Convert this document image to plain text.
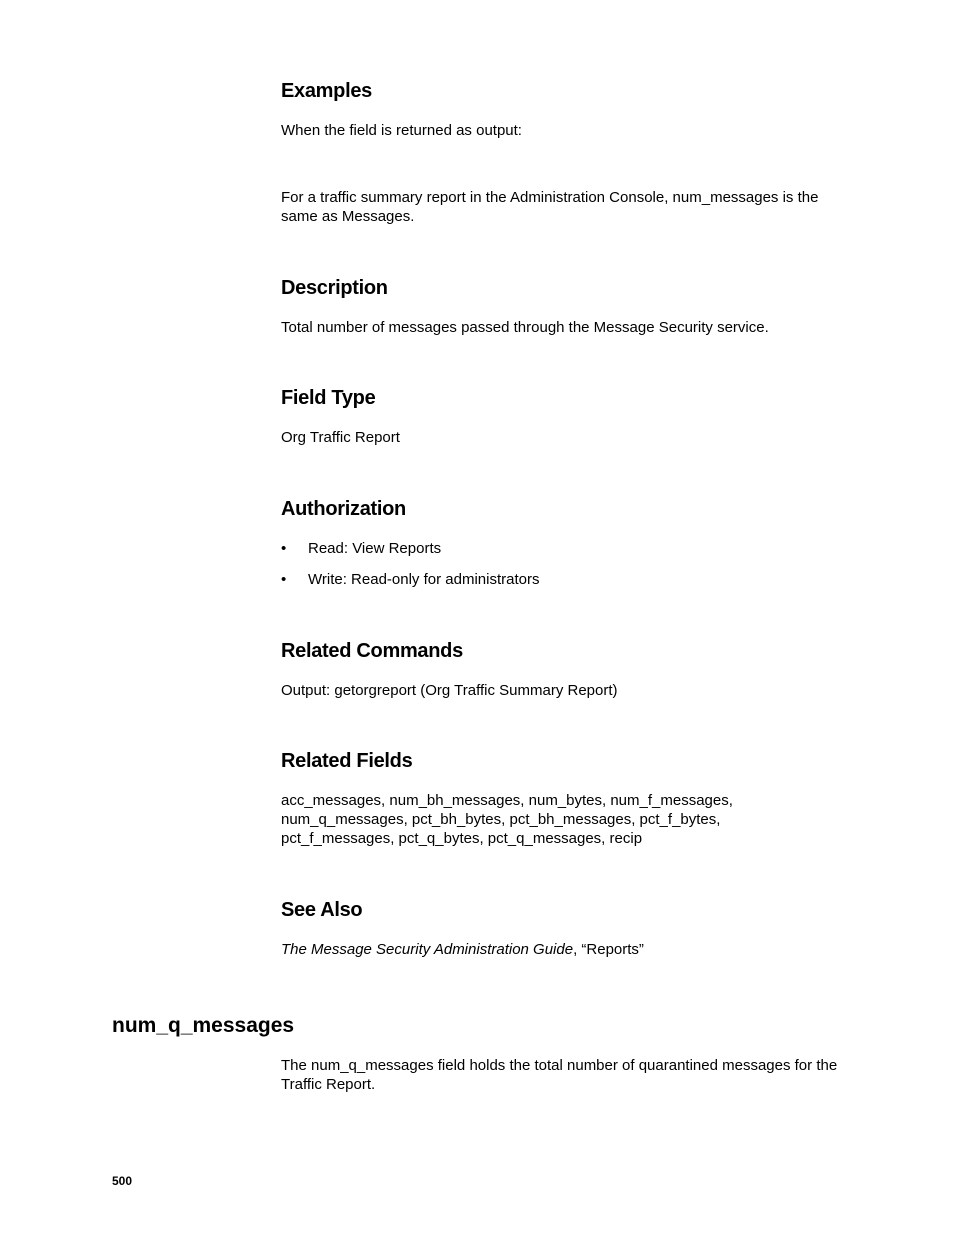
Examples

When the field is returned as output:

For a traffic summary report in the Administration Console, num_messages is the same as Messages.

Description

Total number of messages passed through the Message Security service.

Field Type

Org Traffic Report

Authorization
• Read: View Reports
• Write: Read-only for administrators
Related Commands

Output: getorgreport (Org Traffic Summary Report)

Related Fields
acc_messages, num_bh_messages, num_bytes, num_f_messages,
num_q_messages, pct_bh_bytes, pct_bh_messages, pct_f_bytes,
pct_f_messages, pct_q_bytes, pct_q_messages, recip
See Also

The Message Security Administration Guide, “Reports”

num_q_messages

The num_q_messages field holds the total number of quarantined messages for the Traffic Report.

500
